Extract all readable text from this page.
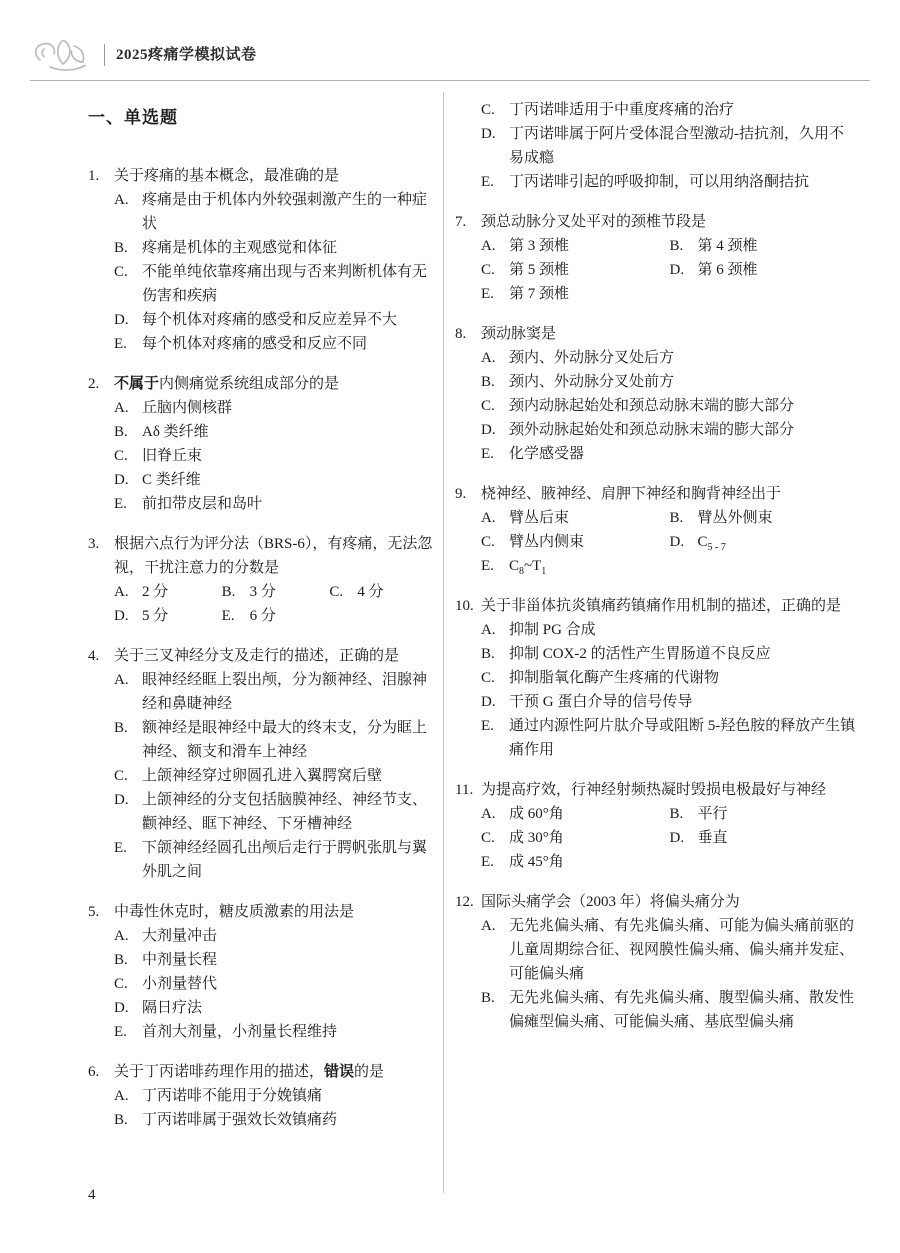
2025疼痛学模拟试卷
一、单选题
1. 关于疼痛的基本概念，最准确的是
A. 疼痛是由于机体内外较强刺激产生的一种症状
B. 疼痛是机体的主观感觉和体征
C. 不能单纯依靠疼痛出现与否来判断机体有无伤害和疾病
D. 每个机体对疼痛的感受和反应差异不大
E.	每个机体对疼痛的感受和反应不同
2. 不属于内侧痛觉系统组成部分的是
A. 丘脑内侧核群
B. Aδ 类纤维
C. 旧脊丘束
D. C 类纤维
E.	前扣带皮层和岛叶
3. 根据六点行为评分法（BRS-6），有疼痛，无法忽视，干扰注意力的分数是
A. 2 分	B. 3 分	C. 4 分
D. 5 分	E.	6 分
4. 关于三叉神经分支及走行的描述，正确的是
A. 眼神经经眶上裂出颅，分为额神经、泪腺神经和鼻睫神经
B. 额神经是眼神经中最大的终末支，分为眶上神经、额支和滑车上神经
C. 上颌神经穿过卵圆孔进入翼腭窝后壁
D. 上颌神经的分支包括脑膜神经、神经节支、颧神经、眶下神经、下牙槽神经
E.	下颌神经经圆孔出颅后走行于腭帆张肌与翼外肌之间
5. 中毒性休克时，糖皮质激素的用法是
A. 大剂量冲击
B. 中剂量长程
C. 小剂量替代
D. 隔日疗法
E.	首剂大剂量，小剂量长程维持
6. 关于丁丙诺啡药理作用的描述，错误的是
A. 丁丙诺啡不能用于分娩镇痛
B. 丁丙诺啡属于强效长效镇痛药
C. 丁丙诺啡适用于中重度疼痛的治疗
D. 丁丙诺啡属于阿片受体混合型激动-拮抗剂，久用不易成瘾
E.	丁丙诺啡引起的呼吸抑制，可以用纳洛酮拮抗
7. 颈总动脉分叉处平对的颈椎节段是
A. 第 3 颈椎	B. 第 4 颈椎
C. 第 5 颈椎	D. 第 6 颈椎
E.	第 7 颈椎
8. 颈动脉窦是
A. 颈内、外动脉分叉处后方
B. 颈内、外动脉分叉处前方
C. 颈内动脉起始处和颈总动脉末端的膨大部分
D. 颈外动脉起始处和颈总动脉末端的膨大部分
E.	化学感受器
9. 桡神经、腋神经、肩胛下神经和胸背神经出于
A. 臂丛后束	B. 臂丛外侧束
C. 臂丛内侧束	D. $C_{5 - 7}$
E.	$C_8\sim T_1$
10. 关于非甾体抗炎镇痛药镇痛作用机制的描述，正确的是
A. 抑制 PG 合成
B. 抑制 COX-2 的活性产生胃肠道不良反应
C. 抑制脂氧化酶产生疼痛的代谢物
D. 干预 G 蛋白介导的信号传导
E.	通过内源性阿片肽介导或阻断 5-羟色胺的释放产生镇痛作用
11. 为提高疗效，行神经射频热凝时毁损电极最好与神经
A. 成 60°角	B. 平行
C. 成 30°角	D. 垂直
E.	成 45°角
12. 国际头痛学会（2003 年）将偏头痛分为
A. 无先兆偏头痛、有先兆偏头痛、可能为偏头痛前驱的儿童周期综合征、视网膜性偏头痛、偏头痛并发症、可能偏头痛
B. 无先兆偏头痛、有先兆偏头痛、腹型偏头痛、散发性偏瘫型偏头痛、可能偏头痛、基底型偏头痛
4
